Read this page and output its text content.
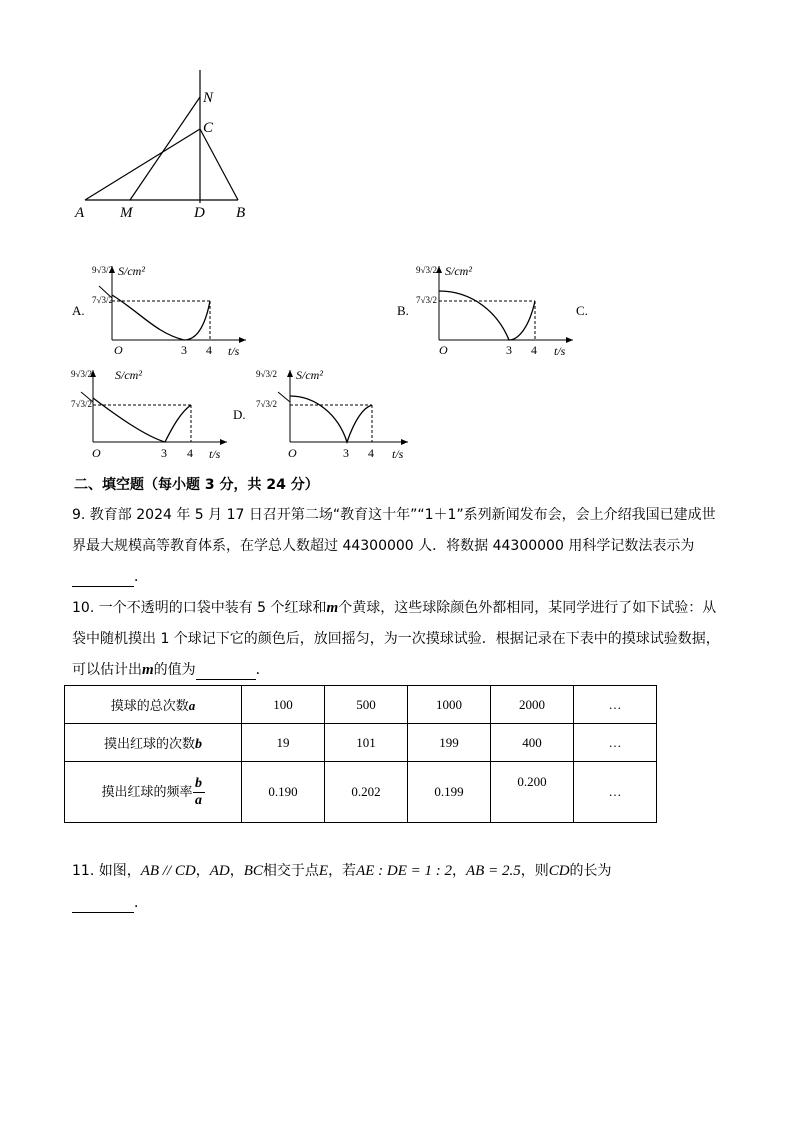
N
C
A M	D B
A.
9√3/2
7√3/2
S/cm²
O	3 4 t/s
B.
9√3/2
7√3/2
S/cm²
O	3 4 t/s
C.
9√3/2
7√3/2
S/cm²
O	3 4 t/s
D.
9√3/2
7√3/2
S/cm²
O	3 4 t/s
二、填空题（每小题 3 分，共 24 分）
9. 教育部 2024 年 5 月 17 日召开第二场“教育这十年”“1＋1”系列新闻发布会，会上介绍我国已建成世
界最大规模高等教育体系，在学总人数超过 44300000 人．将数据 44300000 用科学记数法表示为
．
10. 一个不透明的口袋中装有 5 个红球和m个黄球，这些球除颜色外都相同，某同学进行了如下试验：从
袋中随机摸出 1 个球记下它的颜色后，放回摇匀，为一次摸球试验．根据记录在下表中的摸球试验数据，
可以估计出m的值为	．
摸球的总次数a	100	500	1000	2000	…
摸出红球的次数b	19	101	199	400	…
摸出红球的频率 $\frac{b}{a}$	0.190	0.202	0.199	0.200	…
11. 如图，AB // CD，AD，BC相交于点E，若AE : DE = 1 : 2，AB = 2.5，则CD的长为
．
